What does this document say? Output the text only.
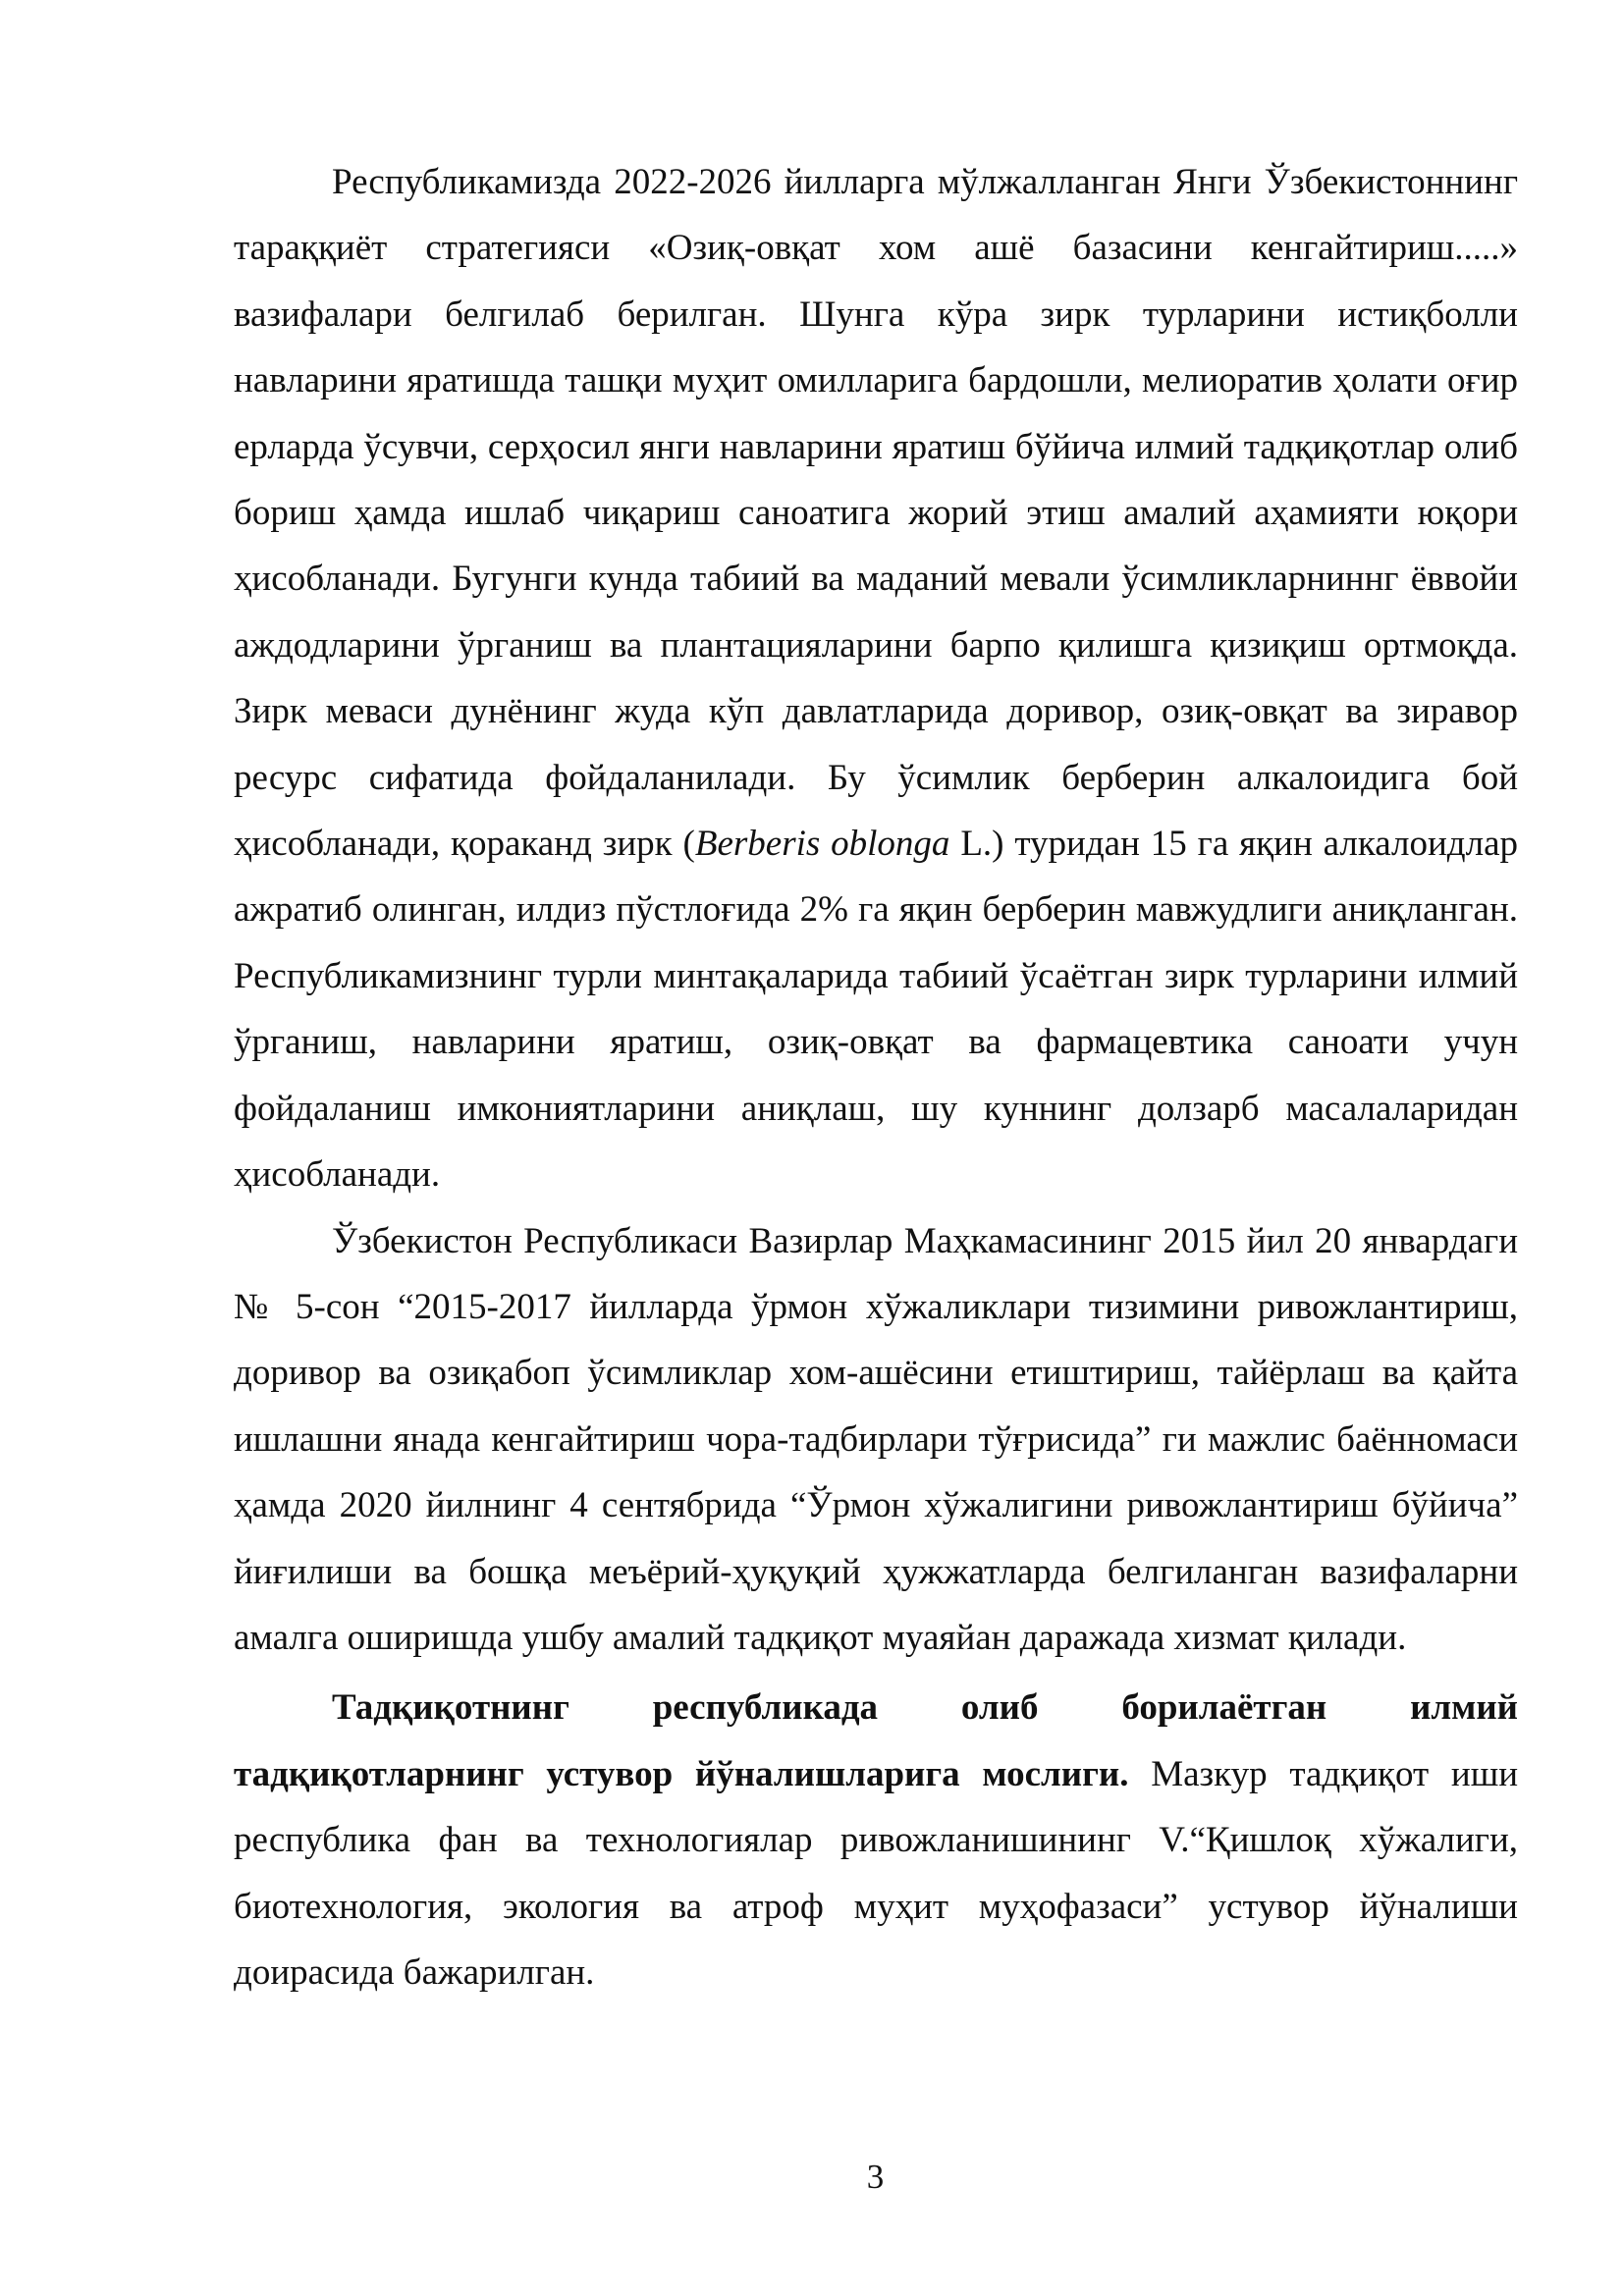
Республикамизда 2022-2026 йилларга мўлжалланган Янги Ўзбекистоннинг тараққиёт стратегияси «Озиқ-овқат хом ашё базасини кенгайтириш.....» вазифалари белгилаб берилган. Шунга кўра зирк турларини истиқболли навларини яратишда ташқи муҳит омилларига бардошли, мелиоратив ҳолати оғир ерларда ўсувчи, серҳосил янги навларини яратиш бўйича илмий тадқиқотлар олиб бориш ҳамда ишлаб чиқариш саноатига жорий этиш амалий аҳамияти юқори ҳисобланади. Бугунги кунда табиий ва маданий мевали ўсимликларниннг ёввойи аждодларини ўрганиш ва плантацияларини барпо қилишга қизиқиш ортмоқда. Зирк меваси дунёнинг жуда кўп давлатларида доривор, озиқ-овқат ва зиравор ресурс сифатида фойдаланилади. Бу ўсимлик берберин алкалоидига бой ҳисобланади, қораканд зирк (Berberis oblonga L.) туридан 15 га яқин алкалоидлар ажратиб олинган, илдиз пўстлоғида 2% га яқин берберин мавжудлиги аниқланган. Республикамизнинг турли минтақаларида табиий ўсаётган зирк турларини илмий ўрганиш, навларини яратиш, озиқ-овқат ва фармацевтика саноати учун фойдаланиш имкониятларини аниқлаш, шу куннинг долзарб масалаларидан ҳисобланади.

Ўзбекистон Республикаси Вазирлар Маҳкамасининг 2015 йил 20 январдаги № 5-сон “2015-2017 йилларда ўрмон хўжаликлари тизимини ривожлантириш, доривор ва озиқабоп ўсимликлар хом-ашёсини етиштириш, тайёрлаш ва қайта ишлашни янада кенгайтириш чора-тадбирлари тўғрисида” ги мажлис баённомаси ҳамда 2020 йилнинг 4 сентябрида “Ўрмон хўжалигини ривожлантириш бўйича” йиғилиши ва бошқа меъёрий-ҳуқуқий ҳужжатларда белгиланган вазифаларни амалга оширишда ушбу амалий тадқиқот муаяйан даражада хизмат қилади.

Тадқиқотнинг республикада олиб борилаётган илмий тадқиқотларнинг устувор йўналишларига мослиги. Мазкур тадқиқот иши республика фан ва технологиялар ривожланишининг V.“Қишлоқ хўжалиги, биотехнология, экология ва атроф муҳит муҳофазаси” устувор йўналиши доирасида бажарилган.

3
